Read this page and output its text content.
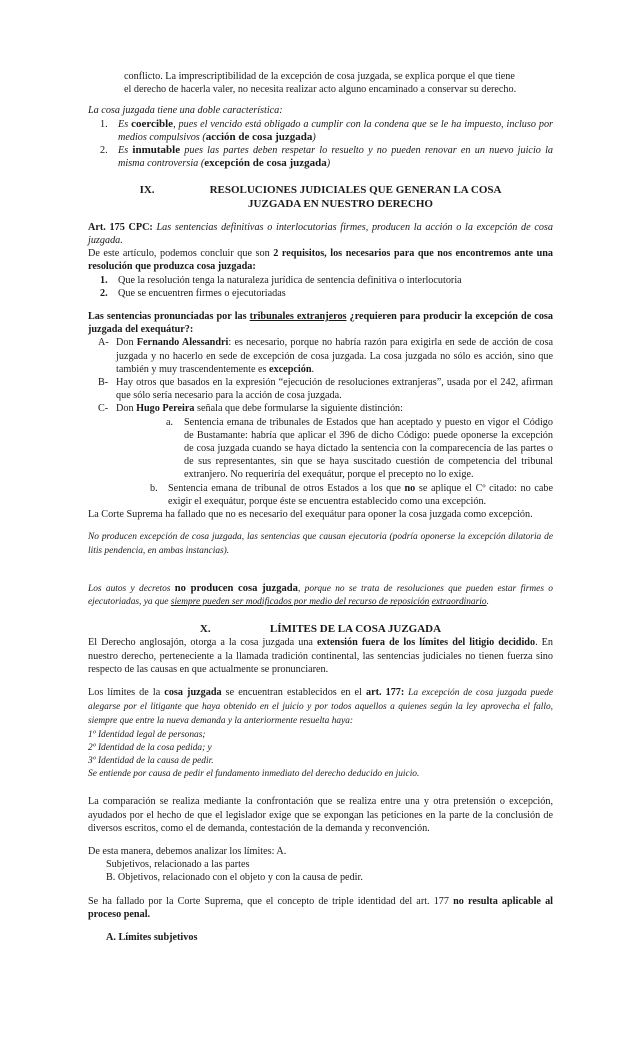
conflicto. La imprescriptibilidad de la excepción de cosa juzgada, se explica porque el que tiene

el derecho de hacerla valer, no necesita realizar acto alguno encaminado a conservar su derecho.

La cosa juzgada tiene una doble característica:

1. Es coercible, pues el vencido está obligado a cumplir con la condena que se le ha impuesto, incluso por medios compulsivos (acción de cosa juzgada)

2. Es inmutable pues las partes deben respetar lo resuelto y no pueden renovar en un nuevo juicio la misma controversia (excepción de cosa juzgada)

IX.	RESOLUCIONES JUDICIALES QUE GENERAN LA COSA
JUZGADA EN NUESTRO DERECHO

Art. 175 CPC: Las sentencias definitivas o interlocutorias firmes, producen la acción o la excepción de cosa juzgada.

De este artículo, podemos concluir que son 2 requisitos, los necesarios para que nos encontremos ante una resolución que produzca cosa juzgada:

1. Que la resolución tenga la naturaleza jurídica de sentencia definitiva o interlocutoria

2. Que se encuentren firmes o ejecutoriadas

Las sentencias pronunciadas por las tribunales extranjeros ¿requieren para producir la excepción de cosa juzgada del exequátur?:

A- Don Fernando Alessandri: es necesario, porque no habría razón para exigirla en sede de acción de cosa juzgada y no hacerlo en sede de excepción de cosa juzgada. La cosa juzgada no sólo es acción, sino que también y muy trascendentemente es excepción.

B- Hay otros que basados en la expresión “ejecución de resoluciones extranjeras”, usada por el 242, afirman que sólo sería necesario para la acción de cosa juzgada.

C- Don Hugo Pereira señala que debe formularse la siguiente distinción:

a. Sentencia emana de tribunales de Estados que han aceptado y puesto en vigor el Código de Bustamante: habría que aplicar el 396 de dicho Código: puede oponerse la excepción de cosa juzgada cuando se haya dictado la sentencia con la comparecencia de las partes o de sus representantes, sin que se haya suscitado cuestión de competencia del tribunal extranjero. No requeriría del exequátur, porque el precepto no lo exige.

b. Sentencia emana de tribunal de otros Estados a los que no se aplique el Cº citado: no cabe exigir el exequátur, porque éste se encuentra establecido como una excepción.

La Corte Suprema ha fallado que no es necesario del exequátur para oponer la cosa juzgada como excepción.

No producen excepción de cosa juzgada, las sentencias que causan ejecutoria (podría oponerse la excepción dilatoria de litis pendencia, en ambas instancias).

Los autos y decretos no producen cosa juzgada, porque no se trata de resoluciones que pueden estar firmes o ejecutoriadas, ya que siempre pueden ser modificados por medio del recurso de reposición extraordinario.

X.	LÍMITES DE LA COSA JUZGADA

El Derecho anglosajón, otorga a la cosa juzgada una extensión fuera de los límites del litigio decidido. En nuestro derecho, perteneciente a la llamada tradición continental, las sentencias judiciales no tienen fuerza sino respecto de las causas en que actualmente se pronunciaren.

Los límites de la cosa juzgada se encuentran establecidos en el art. 177: La excepción de cosa juzgada puede alegarse por el litigante que haya obtenido en el juicio y por todos aquellos a quienes según la ley aprovecha el fallo, siempre que entre la nueva demanda y la anteriormente resuelta haya:

1º Identidad legal de personas;

2º Identidad de la cosa pedida; y

3º Identidad de la causa de pedir.

Se entiende por causa de pedir el fundamento inmediato del derecho deducido en juicio.

La comparación se realiza mediante la confrontación que se realiza entre una y otra pretensión o excepción, ayudados por el hecho de que el legislador exige que se expongan las peticiones en la parte de la conclusión de diversos escritos, como el de demanda, contestación de la demanda y reconvención.

De esta manera, debemos analizar los límites: A.

Subjetivos, relacionado a las partes

B. Objetivos, relacionado con el objeto y con la causa de pedir.

Se ha fallado por la Corte Suprema, que el concepto de triple identidad del art. 177 no resulta aplicable al proceso penal.

A. Límites subjetivos
